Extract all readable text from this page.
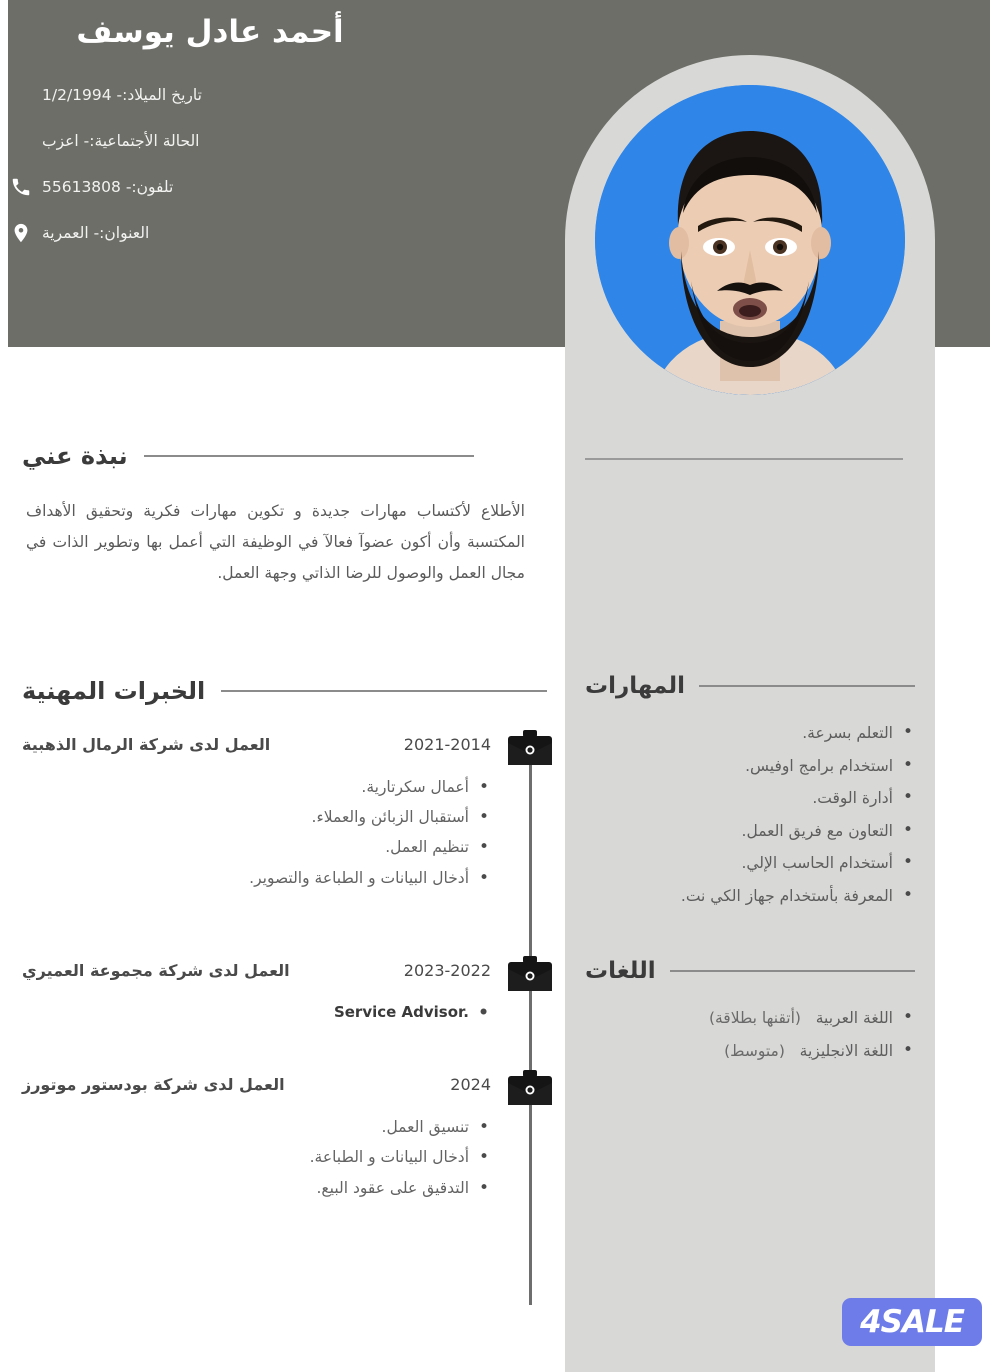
أحمد عادل يوسف
تاريخ الميلاد:- 1/2/1994
الحالة الأجتماعية:- اعزب
تلفون:- 55613808
العنوان:- العمرية
نبذة عني

الأطلاع لأكتساب مهارات جديدة و تكوين مهارات فكرية وتحقيق الأهداف المكتسبة وأن أكون عضوآ فعالآ في الوظيفة التي أعمل بها وتطوير الذات في مجال العمل والوصول للرضا الذاتي وجهة العمل.

الخبرات المهنية
العمل لدى شركة الرمال الذهبية	2021-2014
• أعمال سكرتارية.
• أستقبال الزبائن والعملاء.
• تنظيم العمل.
• أدخال البيانات و الطباعة والتصوير.
العمل لدى شركة مجموعة العميري	2023-2022
• Service Advisor.
العمل لدى شركة بودستور موتورز	2024
• تنسيق العمل.
• أدخال البيانات و الطباعة.
• التدقيق على عقود البيع.
المهارات
• التعلم بسرعة.
• استخدام برامج اوفيس.
• أدارة الوقت.
• التعاون مع فريق العمل.
• أستخدام الحاسب الإلي.
• المعرفة بأستخدام جهاز الكي نت.
اللغات
• اللغة العربية   (أتقنها بطلاقة)
• اللغة الانجليزية   (متوسط)
4SALE
